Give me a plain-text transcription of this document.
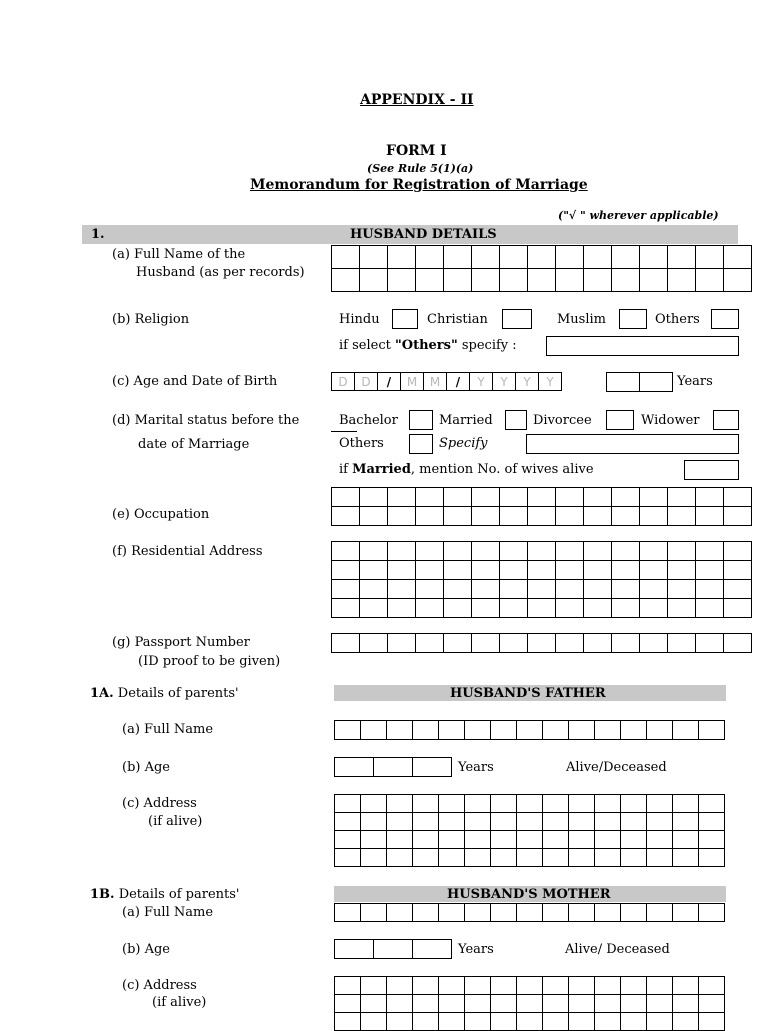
APPENDIX - II
FORM I
(See Rule 5(1)(a)
Memorandum for Registration of Marriage
("√ " wherever applicable)
1.	HUSBAND DETAILS
(a) Full Name of the
Husband (as per records)

(b) Religion	Hindu	Christian	Muslim	Others
if select "Others" specify :
(c) Age and Date of Birth	D	D	/	M	M	/	Y	Y	Y	Y
		Years
(d) Marital status before the
date of Marriage
Bachelor	Married	Divorcee	Widower
Others	Specify
if Married, mention No. of wives alive

(e) Occupation
(f) Residential Address

(g) Passport Number
(ID proof to be given)

1A. Details of parents'	HUSBAND'S FATHER
(a) Full Name

(b) Age
			Years	Alive/Deceased
(c) Address
(if alive)

1B. Details of parents'	HUSBAND'S MOTHER
(a) Full Name

(b) Age
			Years	Alive/ Deceased
(c) Address
(if alive)
